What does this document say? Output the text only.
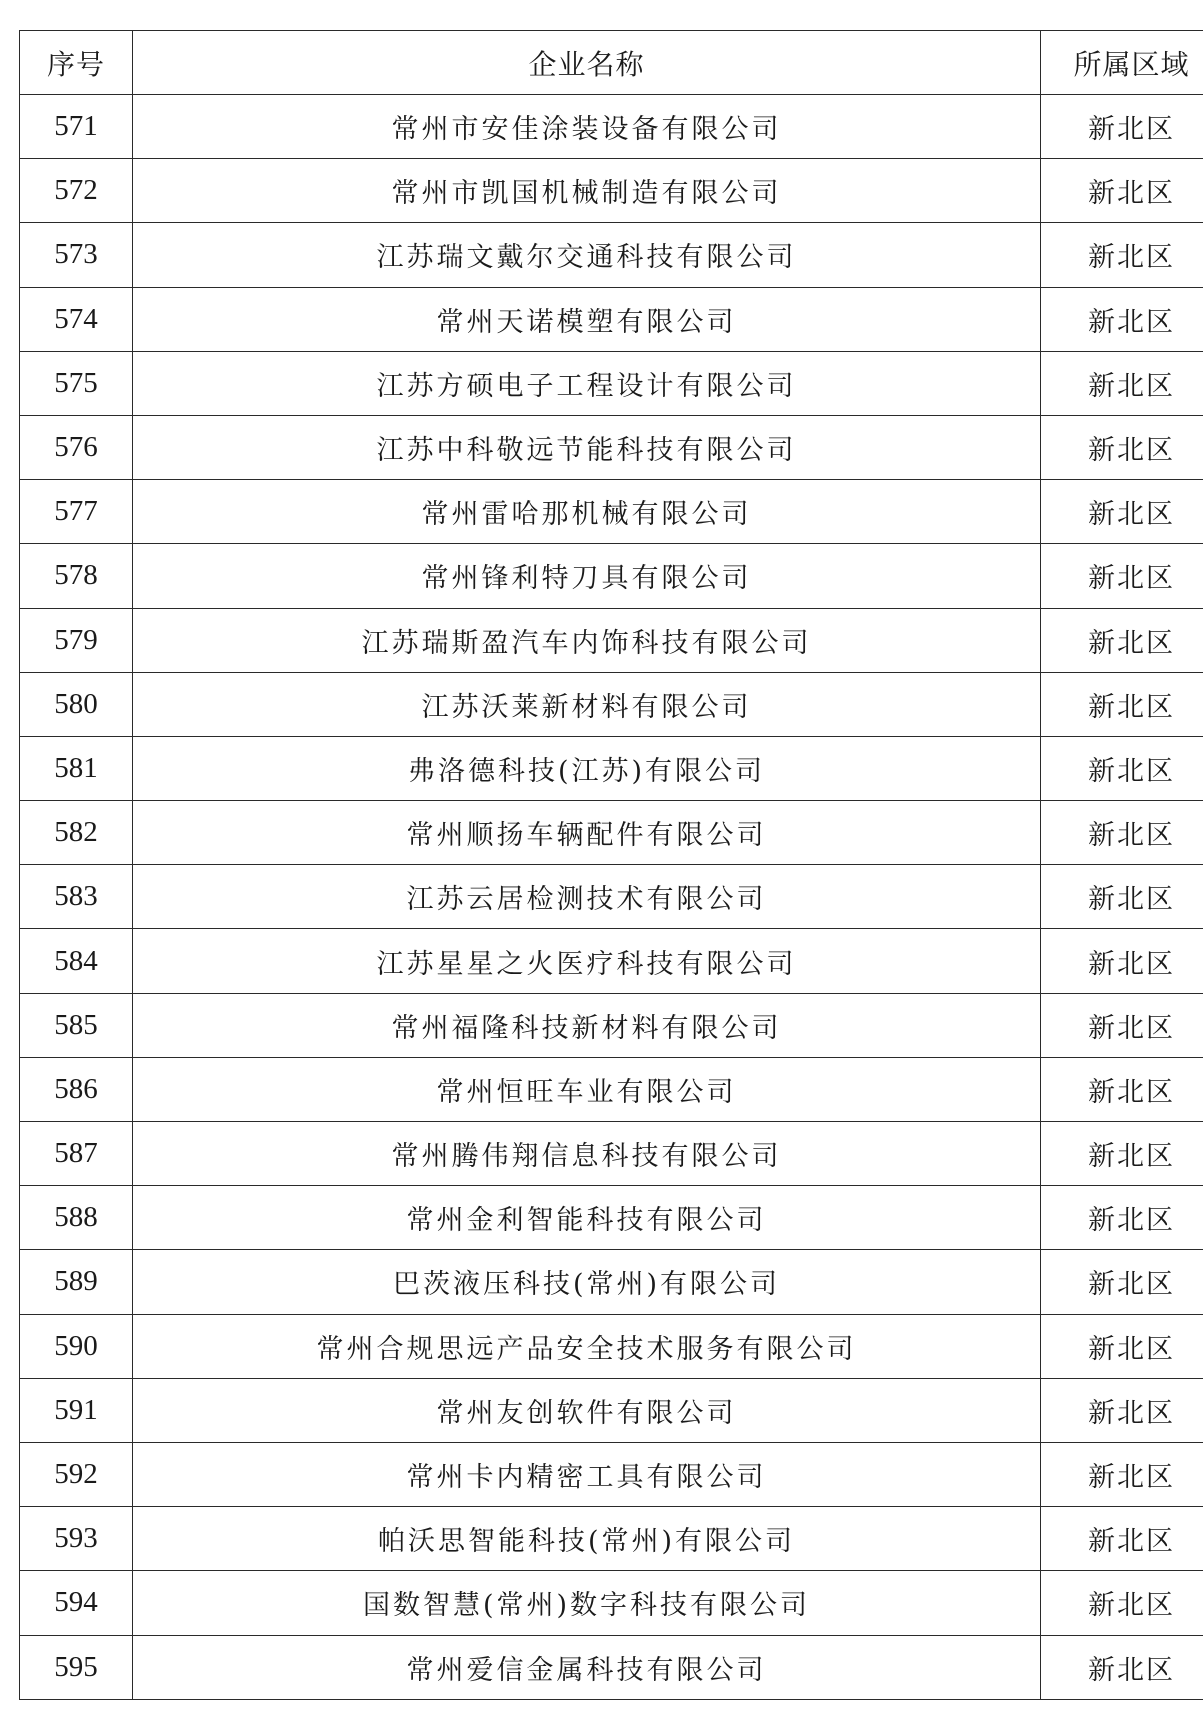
序号	企业名称	所属区域
571	常州市安佳涂装设备有限公司	新北区
572	常州市凯国机械制造有限公司	新北区
573	江苏瑞文戴尔交通科技有限公司	新北区
574	常州天诺模塑有限公司	新北区
575	江苏方硕电子工程设计有限公司	新北区
576	江苏中科敬远节能科技有限公司	新北区
577	常州雷哈那机械有限公司	新北区
578	常州锋利特刀具有限公司	新北区
579	江苏瑞斯盈汽车内饰科技有限公司	新北区
580	江苏沃莱新材料有限公司	新北区
581	弗洛德科技(江苏)有限公司	新北区
582	常州顺扬车辆配件有限公司	新北区
583	江苏云居检测技术有限公司	新北区
584	江苏星星之火医疗科技有限公司	新北区
585	常州福隆科技新材料有限公司	新北区
586	常州恒旺车业有限公司	新北区
587	常州腾伟翔信息科技有限公司	新北区
588	常州金利智能科技有限公司	新北区
589	巴茨液压科技(常州)有限公司	新北区
590	常州合规思远产品安全技术服务有限公司	新北区
591	常州友创软件有限公司	新北区
592	常州卡内精密工具有限公司	新北区
593	帕沃思智能科技(常州)有限公司	新北区
594	国数智慧(常州)数字科技有限公司	新北区
595	常州爱信金属科技有限公司	新北区
